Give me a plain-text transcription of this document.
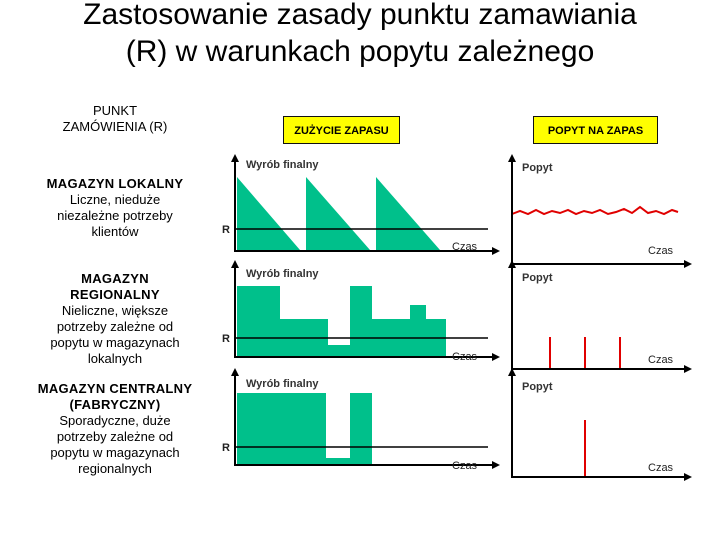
Zastosowanie zasady punktu zamawiania (R) w warunkach popytu zależnego
PUNKT
ZAMÓWIENIA (R)
MAGAZYN LOKALNY
Liczne, nieduże
niezależne potrzeby
klientów
MAGAZYN
REGIONALNY
Nieliczne, większe
potrzeby zależne od
popytu w magazynach
lokalnych
MAGAZYN CENTRALNY
(FABRYCZNY)
Sporadyczne, duże
potrzeby zależne od
popytu w magazynach
regionalnych
ZUŻYCIE ZAPASU	POPYT NA ZAPAS
Wyrób finalny
R
Czas
Popyt
Czas
Wyrób finalny
R
Czas
Popyt
Czas
Wyrób finalny
R
Czas
Popyt
Czas
